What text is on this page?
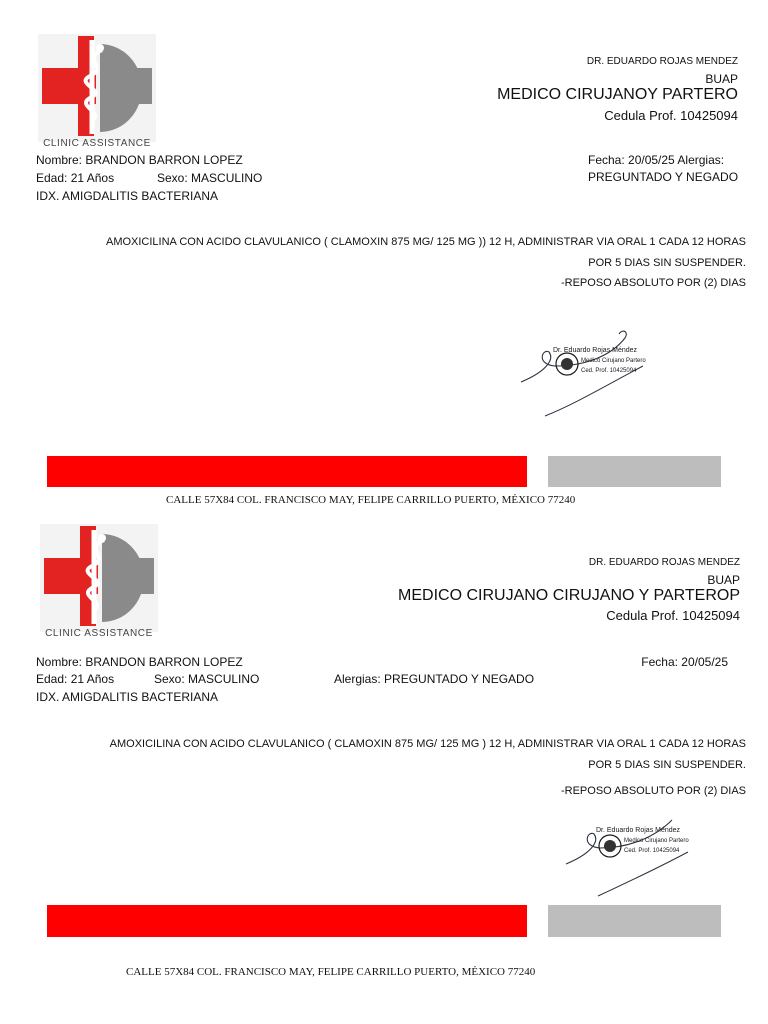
CLINIC ASSISTANCE
DR. EDUARDO ROJAS MENDEZ
BUAP
MEDICO CIRUJANOY PARTERO
Cedula Prof. 10425094
Nombre: BRANDON BARRON LOPEZ
Edad: 21 Años	Sexo: MASCULINO
IDX. AMIGDALITIS BACTERIANA
Fecha: 20/05/25 Alergias:
PREGUNTADO Y NEGADO
AMOXICILINA CON ACIDO CLAVULANICO ( CLAMOXIN 875 MG/ 125 MG )) 12 H, ADMINISTRAR VIA ORAL 1 CADA 12 HORAS
POR 5 DIAS SIN SUSPENDER.
-REPOSO ABSOLUTO POR (2) DIAS
Dr. Eduardo Rojas Méndez
Medico Cirujano Partero
Ced. Prof. 10425094
CALLE 57X84 COL. FRANCISCO MAY, FELIPE CARRILLO PUERTO, MÉXICO 77240
CLINIC ASSISTANCE
DR. EDUARDO ROJAS MENDEZ
BUAP
MEDICO CIRUJANO CIRUJANO Y PARTEROP
Cedula Prof. 10425094
Nombre: BRANDON BARRON LOPEZ
Edad: 21 Años	Sexo: MASCULINO	Alergias: PREGUNTADO Y NEGADO
IDX. AMIGDALITIS BACTERIANA
Fecha: 20/05/25
AMOXICILINA CON ACIDO CLAVULANICO ( CLAMOXIN 875 MG/ 125 MG ) 12 H, ADMINISTRAR VIA ORAL 1 CADA 12 HORAS
POR 5 DIAS SIN SUSPENDER.
-REPOSO ABSOLUTO POR (2) DIAS
Dr. Eduardo Rojas Méndez
Medico Cirujano Partero
Ced. Prof. 10425094
CALLE 57X84 COL. FRANCISCO MAY, FELIPE CARRILLO PUERTO, MÉXICO 77240
